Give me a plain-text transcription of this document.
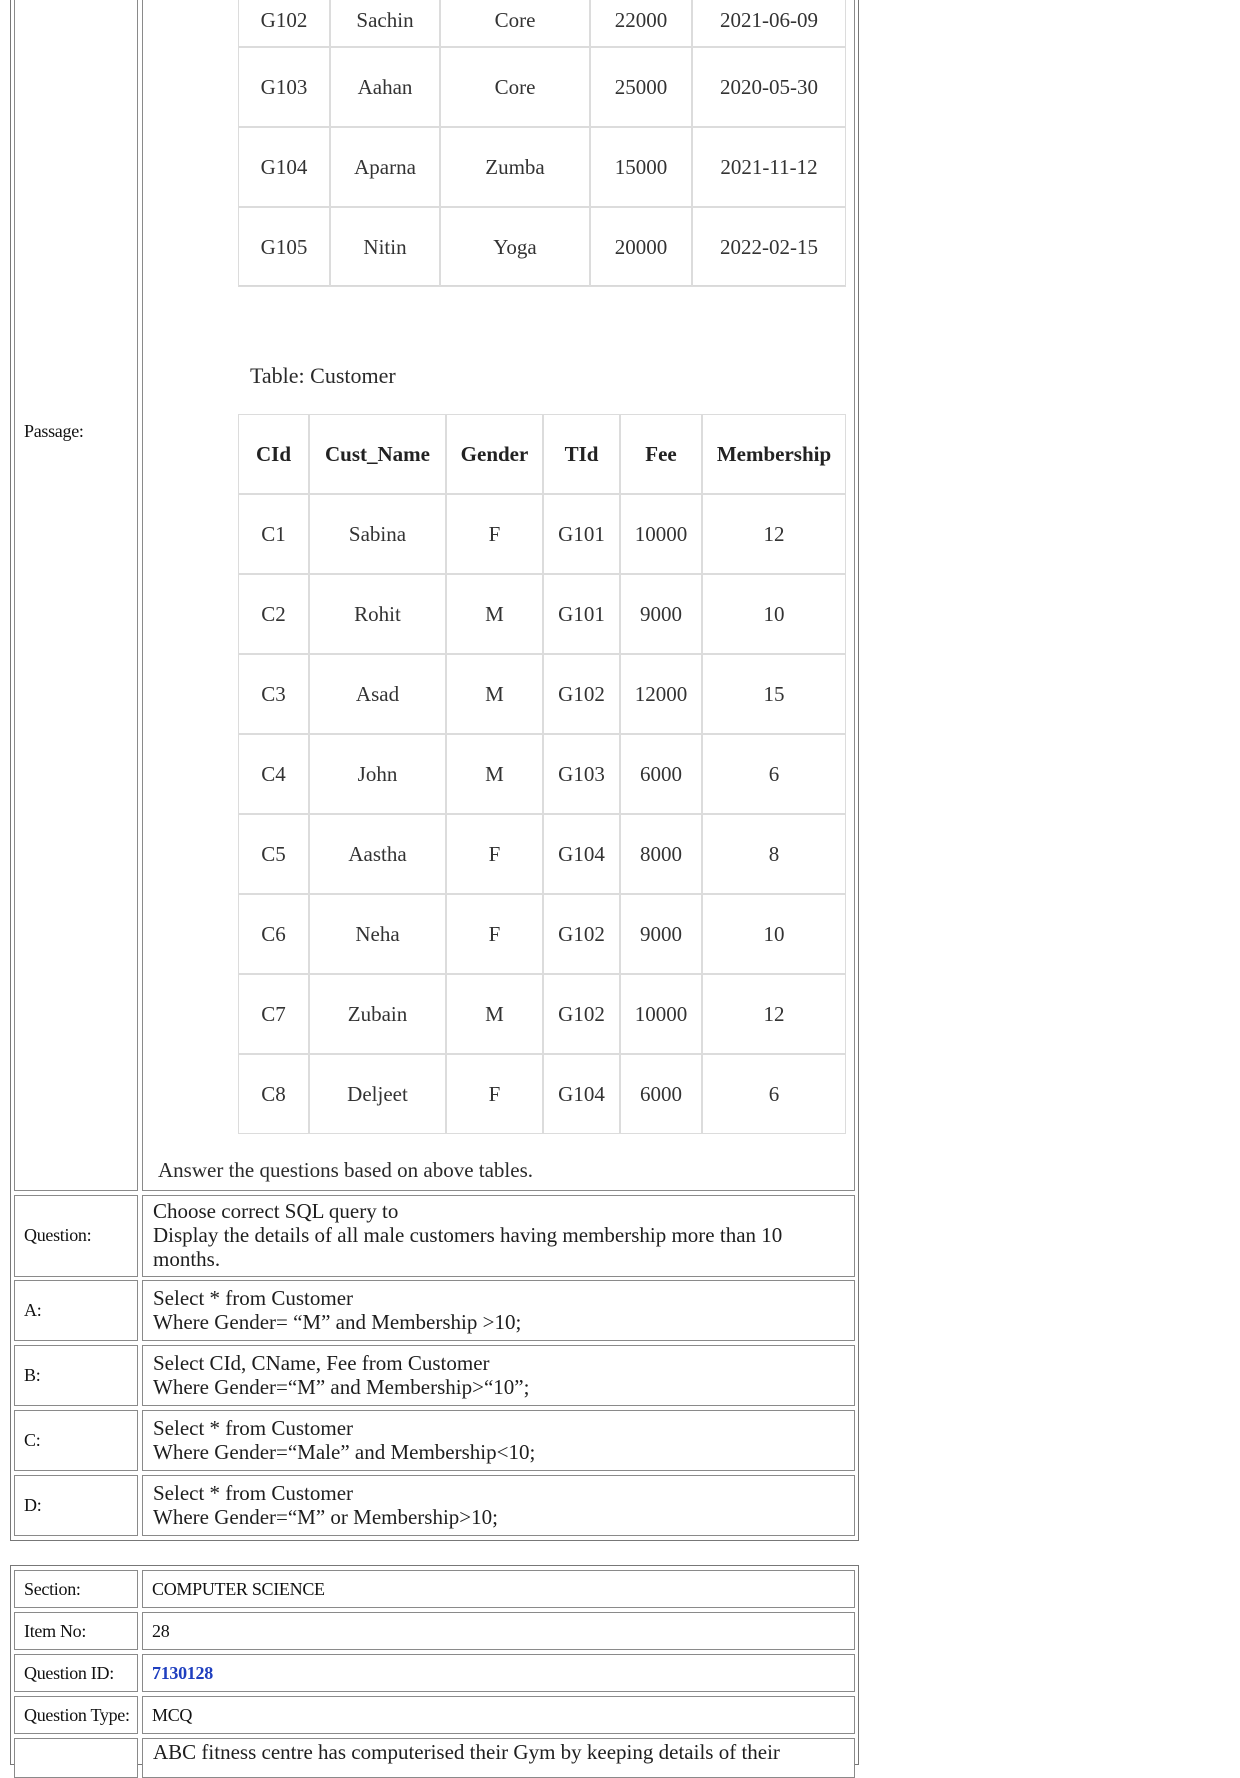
Passage:
G102	Sachin	Core	22000	2021-06-09
G103	Aahan	Core	25000	2020-05-30
G104	Aparna	Zumba	15000	2021-11-12
G105	Nitin	Yoga	20000	2022-02-15
Table: Customer
CId	Cust_Name	Gender	TId	Fee	Membership
C1	Sabina	F	G101	10000	12
C2	Rohit	M	G101	9000	10
C3	Asad	M	G102	12000	15
C4	John	M	G103	6000	6
C5	Aastha	F	G104	8000	8
C6	Neha	F	G102	9000	10
C7	Zubain	M	G102	10000	12
C8	Deljeet	F	G104	6000	6
Answer the questions based on above tables.
Question:
Choose correct SQL query to
Display the details of all male customers having membership more than 10
months.
A:	Select * from Customer
Where Gender= “M” and Membership >10;
B:	Select CId, CName, Fee from Customer
Where Gender=“M” and Membership>“10”;
C:	Select * from Customer
Where Gender=“Male” and Membership<10;
D:	Select * from Customer
Where Gender=“M” or Membership>10;
Section:	COMPUTER SCIENCE
Item No:	28
Question ID: 7130128
Question Type: MCQ
ABC fitness centre has computerised their Gym by keeping details of their
